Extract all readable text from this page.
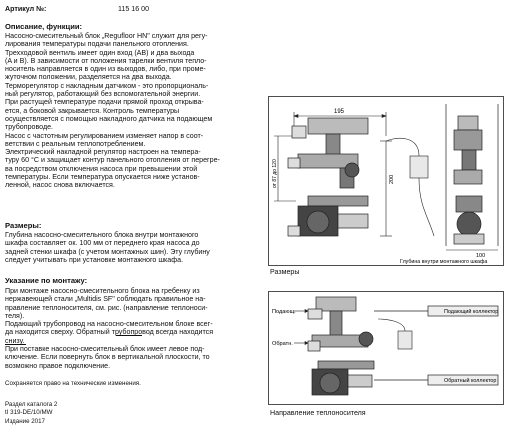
Артикул №:	115 16 00
Описание, функции:
Насосно-смесительный блок „Regufloor HN" служит для регу-
лирования температуры подачи панельного отопления.
Трехходовой вентиль имеет один вход (AB) и два выхода
(A и B). В зависимости от положения тарелки вентиля теплo-
носитель направляется в один из выходов, либо, при проме-
жуточном положении, разделяется на два выхода.
Терморегулятор с накладным датчиком - это пропорциональ-
ный регулятор, работающий без вспомогательной энергии.
При растущей температуре подачи прямой проход открыва-
ется, а боковой закрывается. Контроль температуры
осуществляется с помощью накладного датчика на подающем
трубопроводе.
Насос с частотным регулированием изменяет напор в соот-
ветствии с реальным теплопотреблением.
Электрический накладной регулятор настроен на темпера-
туру 60 °C и защищает контур панельного отопления от перегре-
ва посредством отключения насоса при превышении этой
температуры. Если температура опускается ниже установ-
ленной, насос снова включается.
Размеры:
Глубина насосно-смесительного блока внутри монтажного
шкафа составляет ок. 100 мм от переднего края насоса до
задней стенки шкафа (с учетом монтажных шин). Эту глубину
следует учитывать при установке монтажного шкафа.
Указание по монтажу:
При монтаже насосно-смесительного блока на гребенку из
нержавеющей стали „Multidis SF" соблюдать правильное на-
правление теплоносителя, см. рис. (направление теплоноси-
теля).
Подающий трубопровод на насосно-смесительном блоке всег-
да находится сверху. Обратный трубопровод всегда находится
снизу.
При поставке насосно-смесительный блок имеет левое под-
ключение. Если повернуть блок в вертикальной плоскости, то
возможно правое подключение.
Сохраняется право на технические изменения.
Раздел каталога 2
tI 319-DE/10/MW
Издание 2017
195
от 87 до 120	200
100
Глубина внутри монтажного шкафа
Размеры
Подающ.
Обратн.
Подающий коллектор
Обратный коллектор
Направление теплоносителя
